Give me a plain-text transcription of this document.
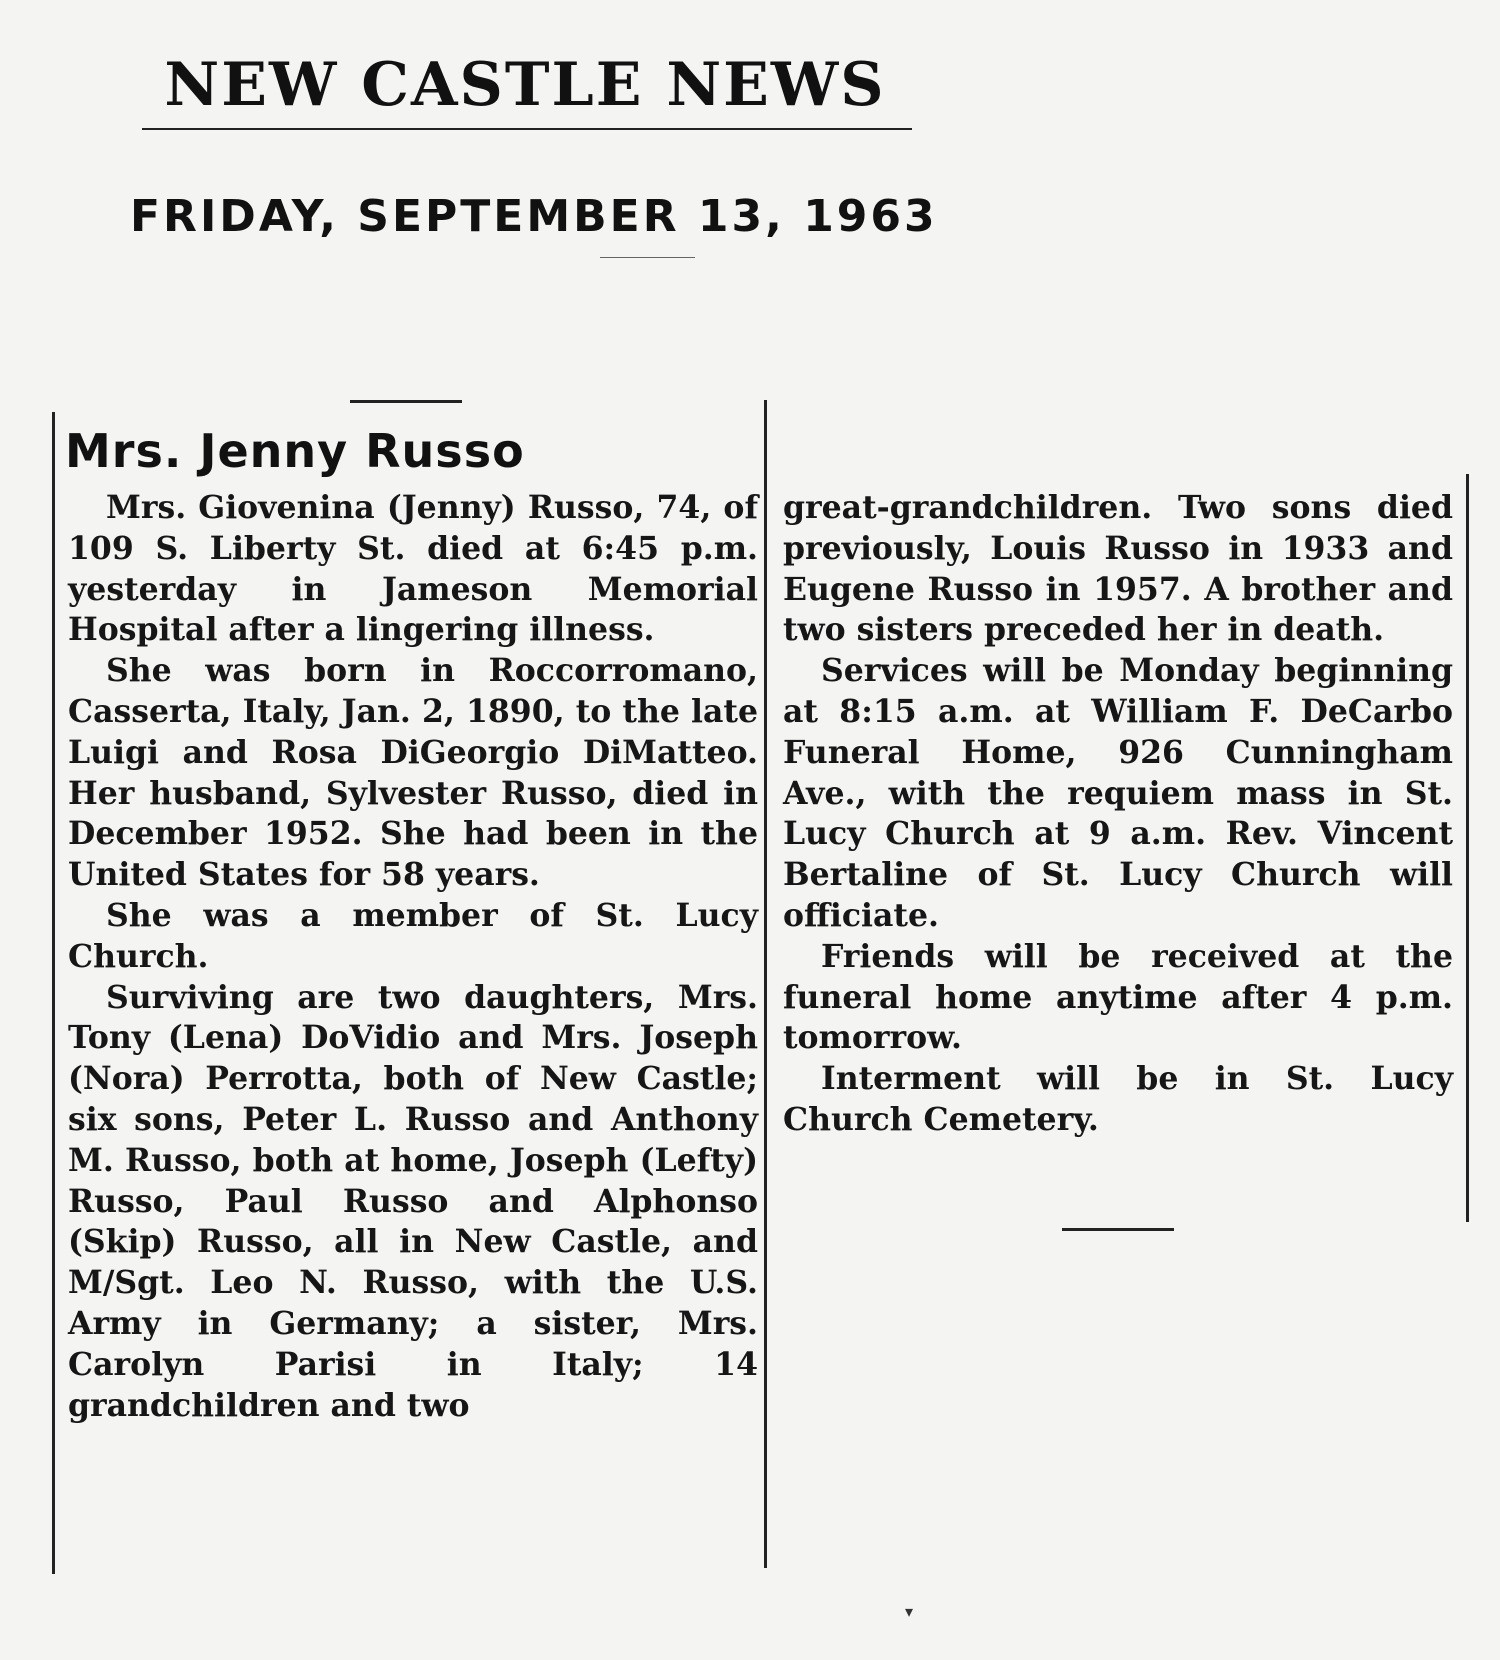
NEW CASTLE NEWS
FRIDAY, SEPTEMBER 13, 1963
Mrs. Jenny Russo

Mrs. Giovenina (Jenny) Russo, 74, of 109 S. Liberty St. died at 6:45 p.m. yesterday in Jameson Memorial Hospital after a lingering illness.

She was born in Roccorromano, Casserta, Italy, Jan. 2, 1890, to the late Luigi and Rosa DiGeorgio DiMatteo. Her husband, Sylvester Russo, died in December 1952. She had been in the United States for 58 years.

She was a member of St. Lucy Church.

Surviving are two daughters, Mrs. Tony (Lena) DoVidio and Mrs. Joseph (Nora) Perrotta, both of New Castle; six sons, Peter L. Russo and Anthony M. Russo, both at home, Joseph (Lefty) Russo, Paul Russo and Alphonso (Skip) Russo, all in New Castle, and M/Sgt. Leo N. Russo, with the U.S. Army in Germany; a sister, Mrs. Carolyn Parisi in Italy; 14 grandchildren and two

great-grandchildren. Two sons died previously, Louis Russo in 1933 and Eugene Russo in 1957. A brother and two sisters preceded her in death.

Services will be Monday beginning at 8:15 a.m. at William F. DeCarbo Funeral Home, 926 Cunningham Ave., with the requiem mass in St. Lucy Church at 9 a.m. Rev. Vincent Bertaline of St. Lucy Church will officiate.

Friends will be received at the funeral home anytime after 4 p.m. tomorrow.

Interment will be in St. Lucy Church Cemetery.

▾
